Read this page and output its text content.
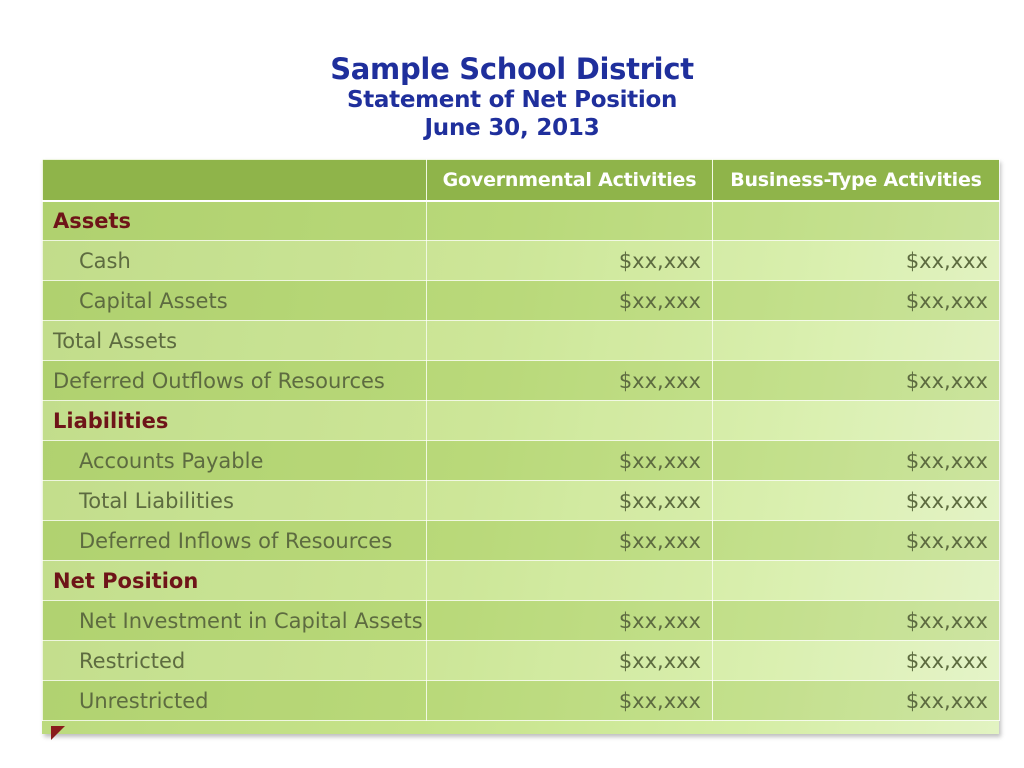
Sample School District
Statement of Net Position
June 30, 2013
	Governmental Activities	Business-Type Activities
Assets		
Cash	$xx,xxx	$xx,xxx
Capital Assets	$xx,xxx	$xx,xxx
Total Assets		
Deferred Outflows of Resources	$xx,xxx	$xx,xxx
Liabilities		
Accounts Payable	$xx,xxx	$xx,xxx
Total Liabilities	$xx,xxx	$xx,xxx
Deferred Inflows of Resources	$xx,xxx	$xx,xxx
Net Position		
Net Investment in Capital Assets	$xx,xxx	$xx,xxx
Restricted	$xx,xxx	$xx,xxx
Unrestricted	$xx,xxx	$xx,xxx
